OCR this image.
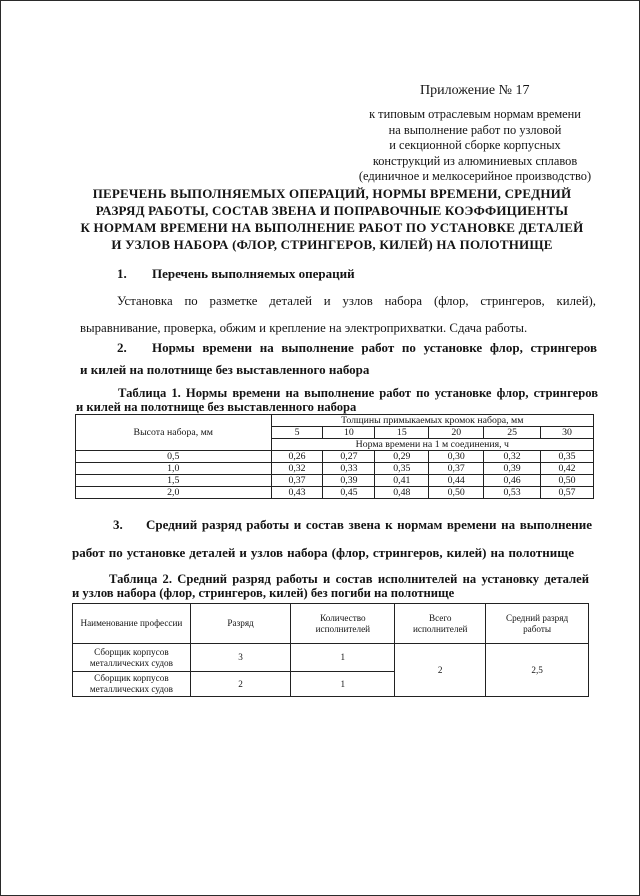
Приложение № 17
к типовым отраслевым нормам времени
на выполнение работ по узловой
и секционной сборке корпусных
конструкций из алюминиевых сплавов
(единичное и мелкосерийное производство)
ПЕРЕЧЕНЬ ВЫПОЛНЯЕМЫХ ОПЕРАЦИЙ, НОРМЫ ВРЕМЕНИ, СРЕДНИЙ
РАЗРЯД РАБОТЫ, СОСТАВ ЗВЕНА И ПОПРАВОЧНЫЕ КОЭФФИЦИЕНТЫ
К НОРМАМ ВРЕМЕНИ НА ВЫПОЛНЕНИЕ РАБОТ ПО УСТАНОВКЕ ДЕТАЛЕЙ
И УЗЛОВ НАБОРА (ФЛОР, СТРИНГЕРОВ, КИЛЕЙ) НА ПОЛОТНИЩЕ
1. Перечень выполняемых операций
Установка по разметке деталей и узлов набора (флор, стрингеров, килей), выравнивание, проверка, обжим и крепление на электроприхватки. Сдача работы.
2. Нормы времени на выполнение работ по установке флор, стрингеров
и килей на полотнище без выставленного набора
Таблица 1. Нормы времени на выполнение работ по установке флор, стрингеров
и килей на полотнище без выставленного набора
Высота набора, мм	Толщины примыкаемых кромок набора, мм					
	5	10	15	20	25	30
	Норма времени на 1 м соединения, ч					
0,5	0,26	0,27	0,29	0,30	0,32	0,35
1,0	0,32	0,33	0,35	0,37	0,39	0,42
1,5	0,37	0,39	0,41	0,44	0,46	0,50
2,0	0,43	0,45	0,48	0,50	0,53	0,57
3. Средний разряд работы и состав звена к нормам времени на выполнение
работ по установке деталей и узлов набора (флор, стрингеров, килей) на полотнище
Таблица 2. Средний разряд работы и состав исполнителей на установку деталей
и узлов набора (флор, стрингеров, килей) без погиби на полотнище
Наименование профессии	Разряд	Количество исполнителей	Всего исполнителей	Средний разряд работы
Сборщик корпусов металлических судов	3	1	2	2,5
Сборщик корпусов металлических судов	2	1		
